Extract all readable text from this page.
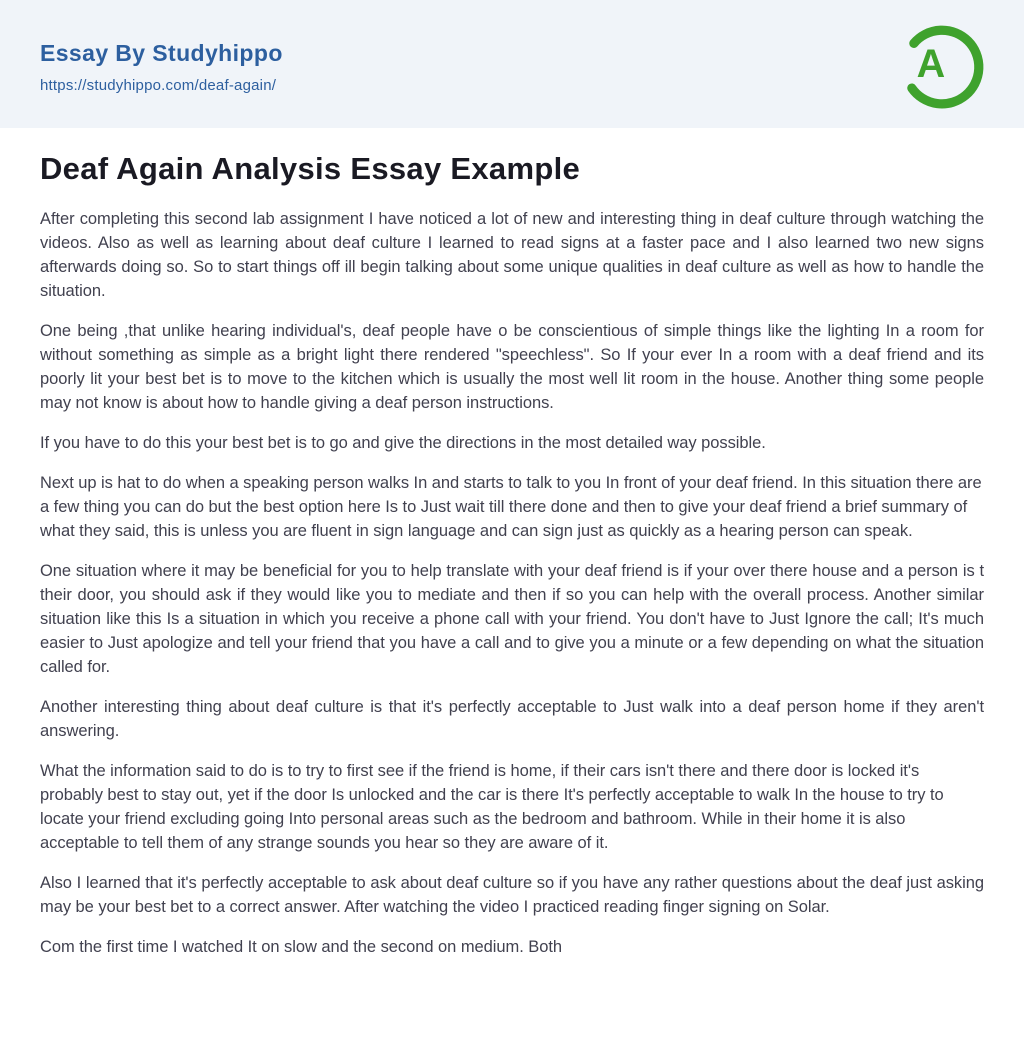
Essay By Studyhippo
https://studyhippo.com/deaf-again/	A
Deaf Again Analysis Essay Example

After completing this second lab assignment I have noticed a lot of new and interesting thing in deaf culture through watching the videos. Also as well as learning about deaf culture I learned to read signs at a faster pace and I also learned two new signs afterwards doing so. So to start things off ill begin talking about some unique qualities in deaf culture as well as how to handle the situation.

One being ,that unlike hearing individual's, deaf people have o be conscientious of simple things like the lighting In a room for without something as simple as a bright light there rendered "speechless". So If your ever In a room with a deaf friend and its poorly lit your best bet is to move to the kitchen which is usually the most well lit room in the house. Another thing some people may not know is about how to handle giving a deaf person instructions.

If you have to do this your best bet is to go and give the directions in the most detailed way possible.

Next up is hat to do when a speaking person walks In and starts to talk to you In front of your deaf friend. In this situation there are a few thing you can do but the best option here Is to Just wait till there done and then to give your deaf friend a brief summary of what they said, this is unless you are fluent in sign language and can sign just as quickly as a hearing person can speak.

One situation where it may be beneficial for you to help translate with your deaf friend is if your over there house and a person is t their door, you should ask if they would like you to mediate and then if so you can help with the overall process. Another similar situation like this Is a situation in which you receive a phone call with your friend. You don't have to Just Ignore the call; It's much easier to Just apologize and tell your friend that you have a call and to give you a minute or a few depending on what the situation called for.

Another interesting thing about deaf culture is that it's perfectly acceptable to Just walk into a deaf person home if they aren't answering.

What the information said to do is to try to first see if the friend is home, if their cars isn't there and there door is locked it's probably best to stay out, yet if the door Is unlocked and the car is there It's perfectly acceptable to walk In the house to try to locate your friend excluding going Into personal areas such as the bedroom and bathroom. While in their home it is also acceptable to tell them of any strange sounds you hear so they are aware of it.

Also I learned that it's perfectly acceptable to ask about deaf culture so if you have any rather questions about the deaf just asking may be your best bet to a correct answer. After watching the video I practiced reading finger signing on Solar.

Com the first time I watched It on slow and the second on medium. Both
